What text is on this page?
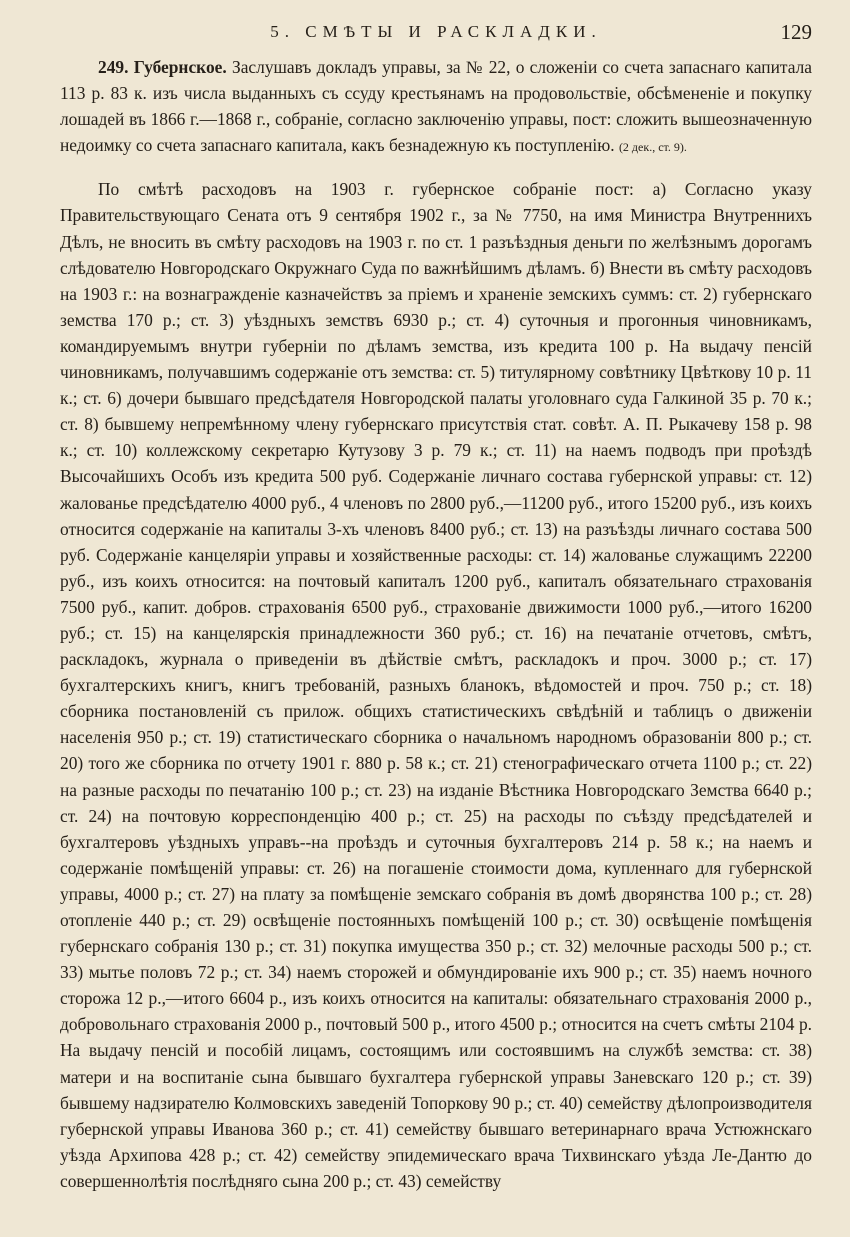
5. СМѢТЫ И РАСКЛАДКИ.	129

249. Губернское. Заслушавъ докладъ управы, за № 22, о сложеніи со счета запаснаго капитала 113 р. 83 к. изъ числа выданныхъ съ ссуду крестьянамъ на продовольствіе, обсѣмененіе и покупку лошадей въ 1866 г.—1868 г., собраніе, согласно заключенію управы, пост: сложить вышеозначенную недоимку со счета запаснаго капитала, какъ безнадежную къ поступленію. (2 дек., ст. 9).

По смѣтѣ расходовъ на 1903 г. губернское собраніе пост: а) Согласно указу Правительствующаго Сената отъ 9 сентября 1902 г., за № 7750, на имя Министра Внутреннихъ Дѣлъ, не вносить въ смѣту расходовъ на 1903 г. по ст. 1 разъѣздныя деньги по желѣзнымъ дорогамъ слѣдователю Новгородскаго Окружнаго Суда по важнѣйшимъ дѣламъ. б) Внести въ смѣту расходовъ на 1903 г.: на вознагражденіе казначействъ за пріемъ и храненіе земскихъ суммъ: ст. 2) губернскаго земства 170 р.; ст. 3) уѣздныхъ земствъ 6930 р.; ст. 4) суточныя и прогонныя чиновникамъ, командируемымъ внутри губерніи по дѣламъ земства, изъ кредита 100 р. На выдачу пенсій чиновникамъ, получавшимъ содержаніе отъ земства: ст. 5) титулярному совѣтнику Цвѣткову 10 р. 11 к.; ст. 6) дочери бывшаго предсѣдателя Новгородской палаты уголовнаго суда Галкиной 35 р. 70 к.; ст. 8) бывшему непремѣнному члену губернскаго присутствія стат. совѣт. А. П. Рыкачеву 158 р. 98 к.; ст. 10) коллежскому секретарю Кутузову 3 р. 79 к.; ст. 11) на наемъ подводъ при проѣздѣ Высочайшихъ Особъ изъ кредита 500 руб. Содержаніе личнаго состава губернской управы: ст. 12) жалованье предсѣдателю 4000 руб., 4 членовъ по 2800 руб.,—11200 руб., итого 15200 руб., изъ коихъ относится содержаніе на капиталы 3-хъ членовъ 8400 руб.; ст. 13) на разъѣзды личнаго состава 500 руб. Содержаніе канцеляріи управы и хозяйственные расходы: ст. 14) жалованье служащимъ 22200 руб., изъ коихъ относится: на почтовый капиталъ 1200 руб., капиталъ обязательнаго страхованія 7500 руб., капит. добров. страхованія 6500 руб., страхованіе движимости 1000 руб.,—итого 16200 руб.; ст. 15) на канцелярскія принадлежности 360 руб.; ст. 16) на печатаніе отчетовъ, смѣтъ, раскладокъ, журнала о приведеніи въ дѣйствіе смѣтъ, раскладокъ и проч. 3000 р.; ст. 17) бухгалтерскихъ книгъ, книгъ требованій, разныхъ бланокъ, вѣдомостей и проч. 750 р.; ст. 18) сборника постановленій съ прилож. общихъ статистическихъ свѣдѣній и таблицъ о движеніи населенія 950 р.; ст. 19) статистическаго сборника о начальномъ народномъ образованіи 800 р.; ст. 20) того же сборника по отчету 1901 г. 880 р. 58 к.; ст. 21) стенографическаго отчета 1100 р.; ст. 22) на разные расходы по печатанію 100 р.; ст. 23) на изданіе Вѣстника Новгородскаго Земства 6640 р.; ст. 24) на почтовую корреспонденцію 400 р.; ст. 25) на расходы по съѣзду предсѣдателей и бухгалтеровъ уѣздныхъ управъ--на проѣздъ и суточныя бухгалтеровъ 214 р. 58 к.; на наемъ и содержаніе помѣщеній управы: ст. 26) на погашеніе стоимости дома, купленнаго для губернской управы, 4000 р.; ст. 27) на плату за помѣщеніе земскаго собранія въ домѣ дворянства 100 р.; ст. 28) отопленіе 440 р.; ст. 29) освѣщеніе постоянныхъ помѣщеній 100 р.; ст. 30) освѣщеніе помѣщенія губернскаго собранія 130 р.; ст. 31) покупка имущества 350 р.; ст. 32) мелочные расходы 500 р.; ст. 33) мытье половъ 72 р.; ст. 34) наемъ сторожей и обмундированіе ихъ 900 р.; ст. 35) наемъ ночного сторожа 12 р.,—итого 6604 р., изъ коихъ относится на капиталы: обязательнаго страхованія 2000 р., добровольнаго страхованія 2000 р., почтовый 500 р., итого 4500 р.; относится на счетъ смѣты 2104 р. На выдачу пенсій и пособій лицамъ, состоящимъ или состоявшимъ на службѣ земства: ст. 38) матери и на воспитаніе сына бывшаго бухгалтера губернской управы Заневскаго 120 р.; ст. 39) бывшему надзирателю Колмовскихъ заведеній Топоркову 90 р.; ст. 40) семейству дѣлопроизводителя губернской управы Иванова 360 р.; ст. 41) семейству бывшаго ветеринарнаго врача Устюжнскаго уѣзда Архипова 428 р.; ст. 42) семейству эпидемическаго врача Тихвинскаго уѣзда Ле-Дантю до совершеннолѣтія послѣдняго сына 200 р.; ст. 43) семейству
